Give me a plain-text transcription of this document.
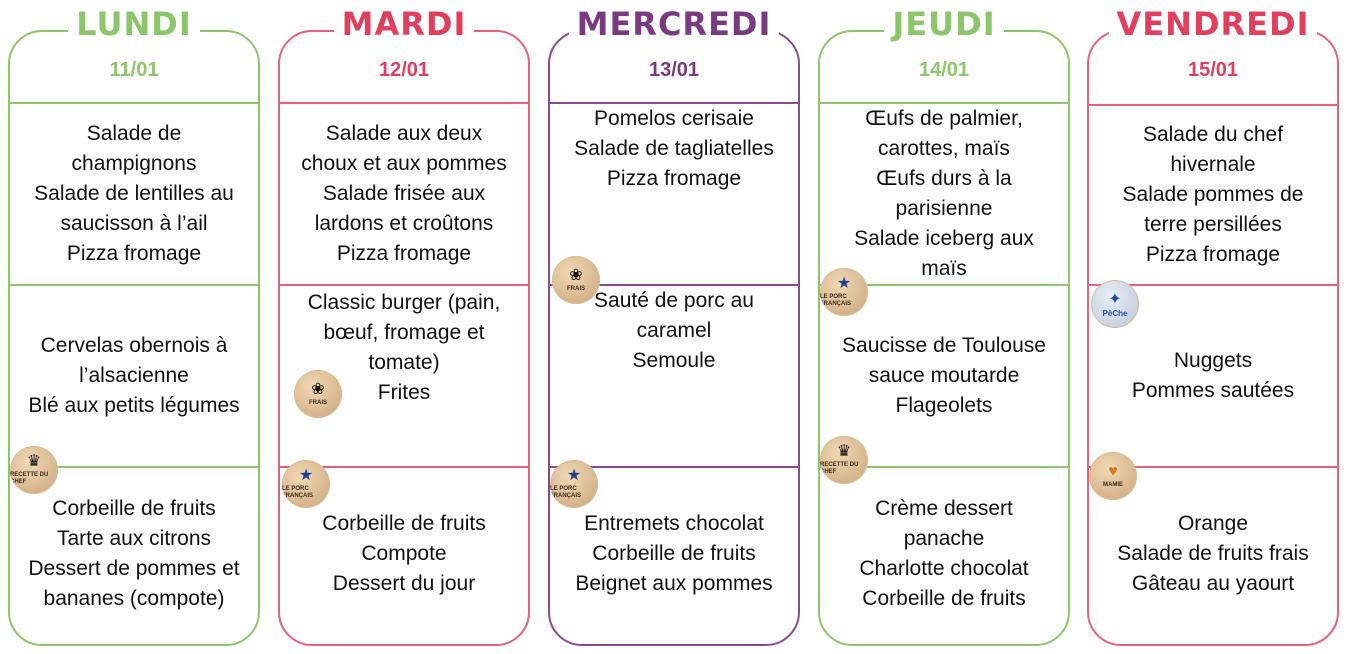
LUNDI
11/01
Salade de
champignons
Salade de lentilles au
saucisson à l’ail
Pizza fromage
Cervelas obernois à
l’alsacienne
Blé aux petits légumes
Corbeille de fruits
Tarte aux citrons
Dessert de pommes et
bananes (compote)
♛
RECETTE DU CHEF
MARDI
12/01
Salade aux deux
choux et aux pommes
Salade frisée aux
lardons et croûtons
Pizza fromage
Classic burger (pain,
bœuf, fromage et
tomate)
Frites
Corbeille de fruits
Compote
Dessert du jour
❀
FRAIS
★
LE PORC FRANÇAIS
MERCREDI
13/01
Pomelos cerisaie
Salade de tagliatelles
Pizza fromage
Sauté de porc au
caramel
Semoule
Entremets chocolat
Corbeille de fruits
Beignet aux pommes
❀
FRAIS
★
LE PORC FRANÇAIS
JEUDI
14/01
Œufs de palmier,
carottes, maïs
Œufs durs à la
parisienne
Salade iceberg aux
maïs
Saucisse de Toulouse
sauce moutarde
Flageolets
Crème dessert
panache
Charlotte chocolat
Corbeille de fruits
★
LE PORC FRANÇAIS
♛
RECETTE DU CHEF
VENDREDI
15/01
Salade du chef
hivernale
Salade pommes de
terre persillées
Pizza fromage
Nuggets
Pommes sautées
Orange
Salade de fruits frais
Gâteau au yaourt
✦
PêChe
♥
MAMIE
